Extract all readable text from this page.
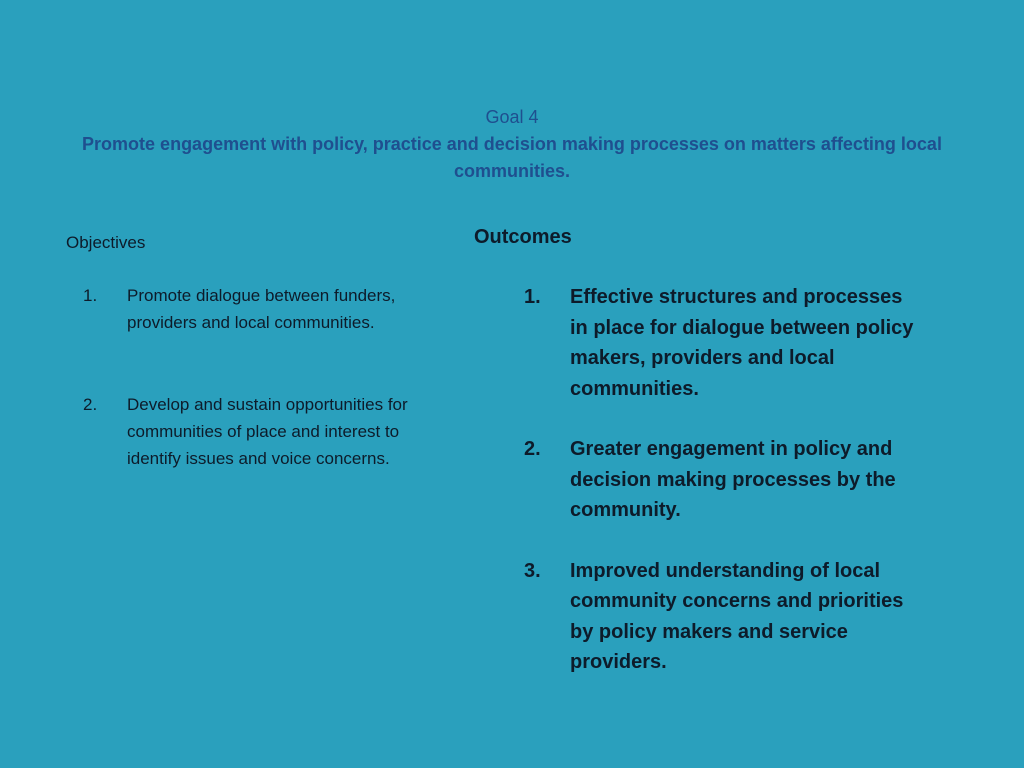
Goal 4
Promote engagement with policy, practice and decision making processes on matters affecting local communities.
Objectives
1. Promote dialogue between funders, providers and local communities.
2. Develop and sustain opportunities for communities of place and interest to identify issues and voice concerns.
Outcomes
1. Effective structures and processes in place for dialogue between policy makers, providers and local communities.
2. Greater engagement in policy and decision making processes by the community.
3. Improved understanding of local community concerns and priorities by policy makers and service providers.
